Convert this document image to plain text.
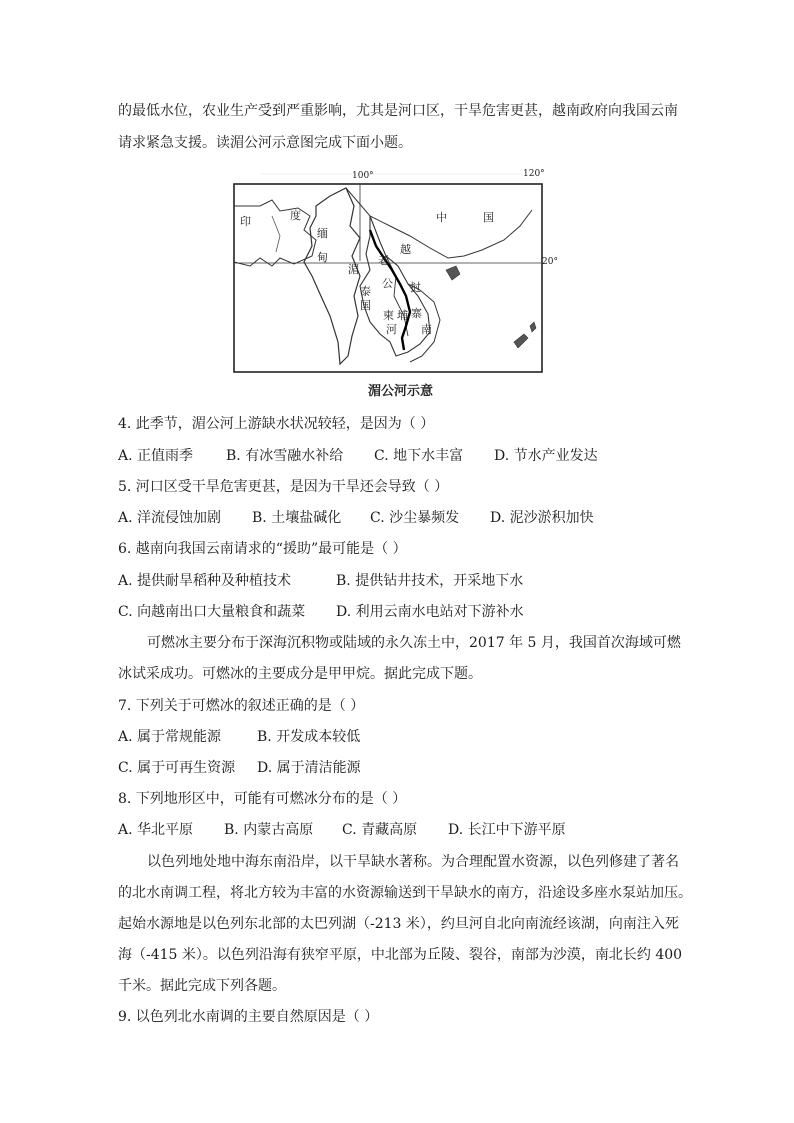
的最低水位，农业生产受到严重影响，尤其是河口区，干旱危害更甚，越南政府向我国云南
请求紧急支援。读湄公河示意图完成下面小题。
100°	120°
20°
印	度
缅
甸
中	国
越
老
湄
公 挝
泰
国
柬 埔 寨
河 南
湄公河示意
4. 此季节，湄公河上游缺水状况较轻，是因为（ ）
A. 正值雨季 B. 有冰雪融水补给 C. 地下水丰富 D. 节水产业发达
5. 河口区受干旱危害更甚，是因为干旱还会导致（ ）
A. 洋流侵蚀加剧 B. 土壤盐碱化 C. 沙尘暴频发 D. 泥沙淤积加快
6. 越南向我国云南请求的“援助”最可能是（ ）
A. 提供耐旱稻种及种植技术	B. 提供钻井技术，开采地下水
C. 向越南出口大量粮食和蔬菜 D. 利用云南水电站对下游补水
可燃冰主要分布于深海沉积物或陆域的永久冻土中，2017 年 5 月，我国首次海域可燃
冰试采成功。可燃冰的主要成分是甲甲烷。据此完成下题。
7. 下列关于可燃冰的叙述正确的是（ ）
A. 属于常规能源	B. 开发成本较低
C. 属于可再生资源 D. 属于清洁能源
8. 下列地形区中，可能有可燃冰分布的是（ ）
A. 华北平原 B. 内蒙古高原 C. 青藏高原 D. 长江中下游平原
以色列地处地中海东南沿岸，以干旱缺水著称。为合理配置水资源，以色列修建了著名
的北水南调工程，将北方较为丰富的水资源输送到干旱缺水的南方，沿途设多座水泵站加压。
起始水源地是以色列东北部的太巴列湖（-213 米），约旦河自北向南流经该湖，向南注入死
海（-415 米）。以色列沿海有狭窄平原，中北部为丘陵、裂谷，南部为沙漠，南北长约 400
千米。据此完成下列各题。
9. 以色列北水南调的主要自然原因是（ ）
